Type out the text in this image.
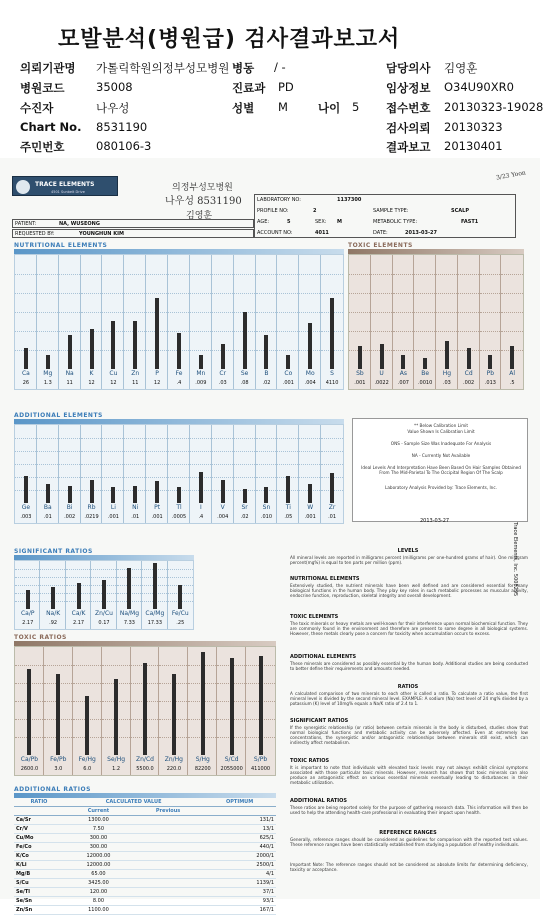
모발분석(병원급) 검사결과보고서
의뢰기관명 가톨릭학원의정부성모병원 병동 / -	담당의사 김영훈
병원코드	35008	진료과 PD	임상정보 O34U90XR0
수진자	나우성	성별 M	나이 5 접수번호 20130323-19028
Chart No. 8531190	검사의뢰 20130323
주민번호	080106-3	결과보고 20130401
TRACE ELEMENTS
4501 Sunbelt Drive	의정부성모병원
나우성 8531190
김영훈
3/23 Yoon
LABORATORY NO:	1137300
PROFILE NO:	2	SAMPLE TYPE:	SCALP
AGE:	5	SEX: M	METABOLIC TYPE:	FAST1
ACCOUNT NO:	4011	DATE:	2013-03-27
PATIENT:	NA, WUSEONG
REQUESTED BY:	YOUNGHUN KIM
NUTRITIONAL ELEMENTS
Ca
26
Mg
1.3
Na
11
K
12
Cu
12
Zn
11
P
12
Fe
.4
Mn
.009
Cr
.03
Se
.08
B
.02
Co
.001
Mo
.004
S
4110
TOXIC ELEMENTS
Sb
.001
U
.0022
As
.007
Be
.0010
Hg
.03
Cd
.002
Pb
.013
Al
.5
ADDITIONAL ELEMENTS
Ge
.003
Ba
.01
Bi
.002
Rb
.0219
Li
.001
Ni
.01
Pt
.001
Tl
.0005
I
.4
V
.004
Sr
.02
Sn
.010
Ti
.05
W
.001
Zr
.01
** Below Calibration Limit
Value Shown Is Calibration Limit
ONS - Sample Size Was Inadequate For Analysis
NA - Currently Not Available
Ideal Levels And Interpretation Have Been Based On Hair Samples Obtained From The Mid-Parietal To The Occipital Region Of The Scalp
Laboratory Analysis Provided by: Trace Elements, Inc.
2013-03-27
Trace Elements, Inc. 5008295
SIGNIFICANT RATIOS
Ca/P
2.17
Na/K
.92
Ca/K
2.17
Zn/Cu
0.17
Na/Mg
7.33
Ca/Mg
17.33
Fe/Cu
.25
TOXIC RATIOS
Ca/Pb
2600.0
Fe/Pb
3.0
Fe/Hg
6.0
Se/Hg
1.2
Zn/Cd
5500.0
Zn/Hg
220.0
S/Hg
82200
S/Cd
2055000
S/Pb
411000
ADDITIONAL RATIOS
RATIO	CALCULATED VALUE		OPTIMUM
	Current	Previous	
Ca/Sr	1300.00		131/1
Cr/V	7.50		13/1
Cu/Mo	300.00		625/1
Fe/Co	300.00		440/1
K/Co	12000.00		2000/1
K/Li	12000.00		2500/1
Mg/B	65.00		4/1
S/Cu	3425.00		1139/1
Se/Tl	120.00		37/1
Se/Sn	8.00		93/1
Zn/Sn	1100.00		167/1
LEVELS
All mineral levels are reported in milligrams percent (milligrams per one-hundred grams of hair). One milligram percent(mg%) is equal to ten parts per million (ppm).
NUTRITIONAL ELEMENTS
Extensively studied, the nutrient minerals have been well defined and are considered essential for many biological functions in the human body. They play key roles in such metabolic processes as muscular activity, endocrine function, reproduction, skeletal integrity and overall development.
TOXIC ELEMENTS
The toxic minerals or heavy metals are well-known for their interference upon normal biochemical function. They are commonly found in the environment and therefore are present to some degree in all biological systems. However, these metals clearly pose a concern for toxicity when accumulation occurs to excess.
ADDITIONAL ELEMENTS
These minerals are considered as possibly essential by the human body. Additional studies are being conducted to better define their requirements and amounts needed.
RATIOS
A calculated comparison of two minerals to each other is called a ratio. To calculate a ratio value, the first mineral level is divided by the second mineral level. EXAMPLE: A sodium (Na) test level of 24 mg% divided by a potassium (K) level of 10mg% equals a Na/K ratio of 2.4 to 1.
SIGNIFICANT RATIOS
If the synergistic relationship (or ratio) between certain minerals in the body is disturbed, studies show that normal biological functions and metabolic activity can be adversely affected. Even at extremely low concentrations, the synergistic and/or antagonistic relationships between minerals still exist, which can indirectly affect metabolism.
TOXIC RATIOS
It is important to note that individuals with elevated toxic levels may not always exhibit clinical symptoms associated with those particular toxic minerals. However, research has shown that toxic minerals can also produce an antagonistic effect on various essential minerals eventually leading to disturbances in their metabolic utilization.
ADDITIONAL RATIOS
These ratios are being reported solely for the purpose of gathering research data. This information will then be used to help the attending health-care professional in evaluating their impact upon health.
REFERENCE RANGES
Generally, reference ranges should be considered as guidelines for comparison with the reported test values. These reference ranges have been statistically established from studying a population of healthy individuals.
Important Note: The reference ranges should not be considered as absolute limits for determining deficiency, toxicity or acceptance.
